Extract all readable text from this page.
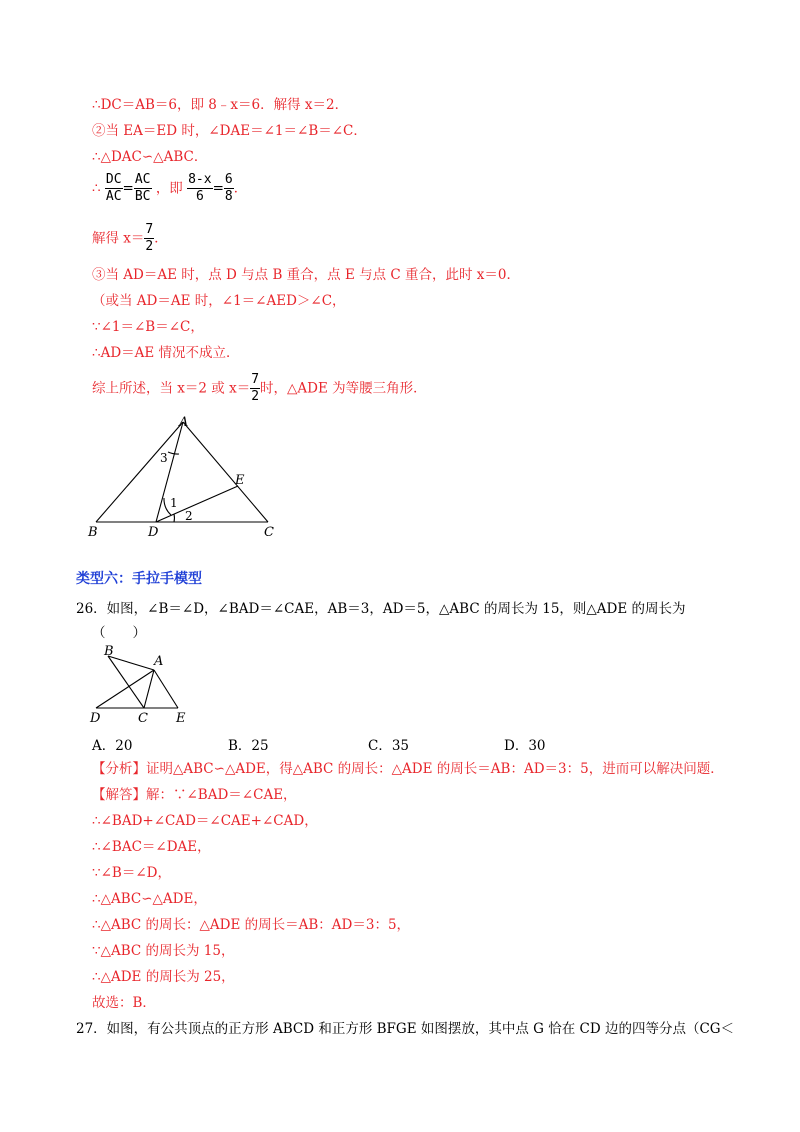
∴DC＝AB＝6，即 8﹣x＝6．解得 x＝2．
②当 EA＝ED 时，∠DAE＝∠1＝∠B＝∠C．
∴△DAC∽△ABC．
∴ $\frac{DC}{AC} = \frac{AC}{BC}$ ，即 $\frac{8-x}{6} = \frac{6}{8}$ ．
解得 $x= \frac{7}{2}$ ．
③当 AD＝AE 时，点 D 与点 B 重合，点 E 与点 C 重合，此时 x＝0．
（或当 AD＝AE 时，∠1＝∠AED＞∠C，
∵∠1＝∠B＝∠C，
∴AD＝AE 情况不成立．
综上所述，当 x＝2 或 $x= \frac{7}{2}$ 时，△ADE 为等腰三角形．
A
B	C
D
E
1
2
3
类型六：手拉手模型
26．如图，∠B＝∠D，∠BAD＝∠CAE，AB＝3，AD＝5，△ABC 的周长为 15，则△ADE 的周长为
（　　）
B
A
D	C E
A．20	B．25	C．35	D．30
【分析】证明△ABC∽△ADE，得△ABC 的周长：△ADE 的周长＝AB：AD＝3：5，进而可以解决问题．
【解答】解：∵∠BAD＝∠CAE，
∴∠BAD+∠CAD＝∠CAE+∠CAD，
∴∠BAC＝∠DAE，
∵∠B＝∠D，
∴△ABC∽△ADE，
∴△ABC 的周长：△ADE 的周长＝AB：AD＝3：5，
∵△ABC 的周长为 15，
∴△ADE 的周长为 25，
故选：B．
27．如图，有公共顶点的正方形 ABCD 和正方形 BFGE 如图摆放，其中点 G 恰在 CD 边的四等分点（CG＜
